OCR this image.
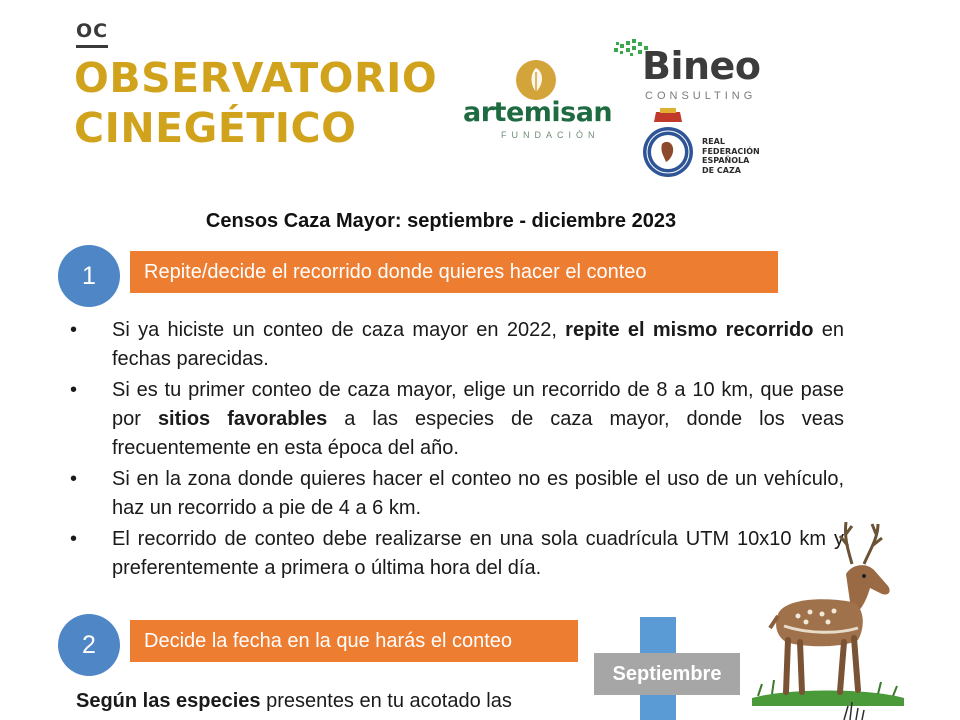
OC
OBSERVATORIO
CINEGÉTICO	artemisan
FUNDACIÓN
Bineo
CONSULTING
REAL
FEDERACIÓN
ESPAÑOLA
DE CAZA
Censos Caza Mayor: septiembre - diciembre 2023
Repite/decide el recorrido donde quieres hacer el conteo
1
• Si ya hiciste un conteo de caza mayor en 2022, repite el mismo recorrido en fechas parecidas.
• Si es tu primer conteo de caza mayor, elige un recorrido de 8 a 10 km, que pase por sitios favorables a las especies de caza mayor, donde los veas frecuentemente en esta época del año.
• Si en la zona donde quieres hacer el conteo no es posible el uso de un vehículo, haz un recorrido a pie de 4 a 6 km.
• El recorrido de conteo debe realizarse en una sola cuadrícula UTM 10x10 km y preferentemente a primera o última hora del día.
Decide la fecha en la que harás el conteo
2
Septiembre
Según las especies presentes en tu acotado las
